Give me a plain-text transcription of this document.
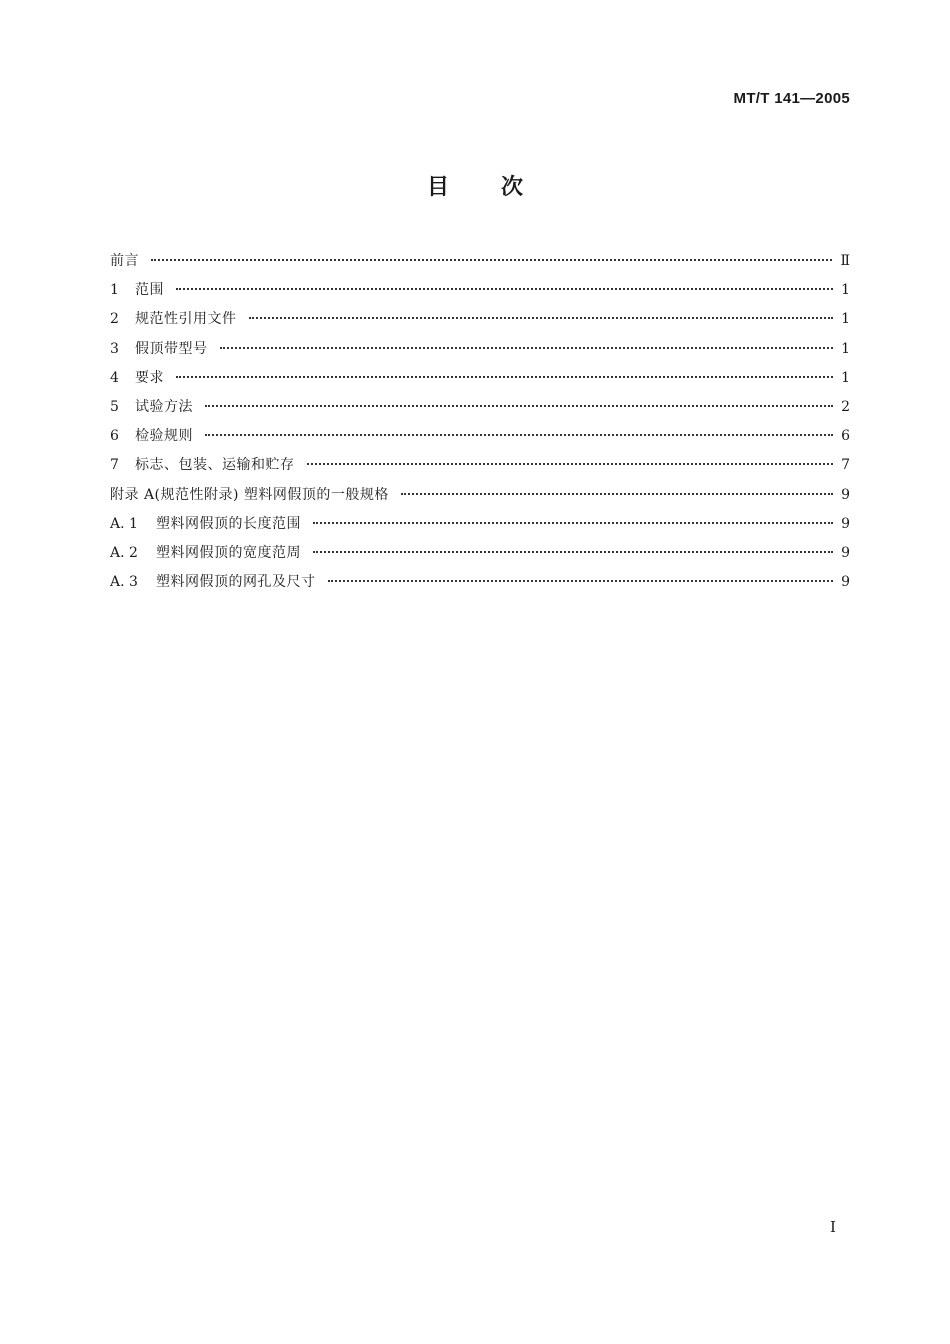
MT/T 141—2005
目 次
前言	Ⅱ
1	范围	1
2	规范性引用文件	1
3	假顶带型号	1
4	要求	1
5	试验方法	2
6	检验规则	6
7	标志、包装、运输和贮存	7
附录 A(规范性附录) 塑料网假顶的一般规格	9
A. 1	塑料网假顶的长度范围	9
A. 2	塑料网假顶的宽度范周	9
A. 3	塑料网假顶的网孔及尺寸	9
I
